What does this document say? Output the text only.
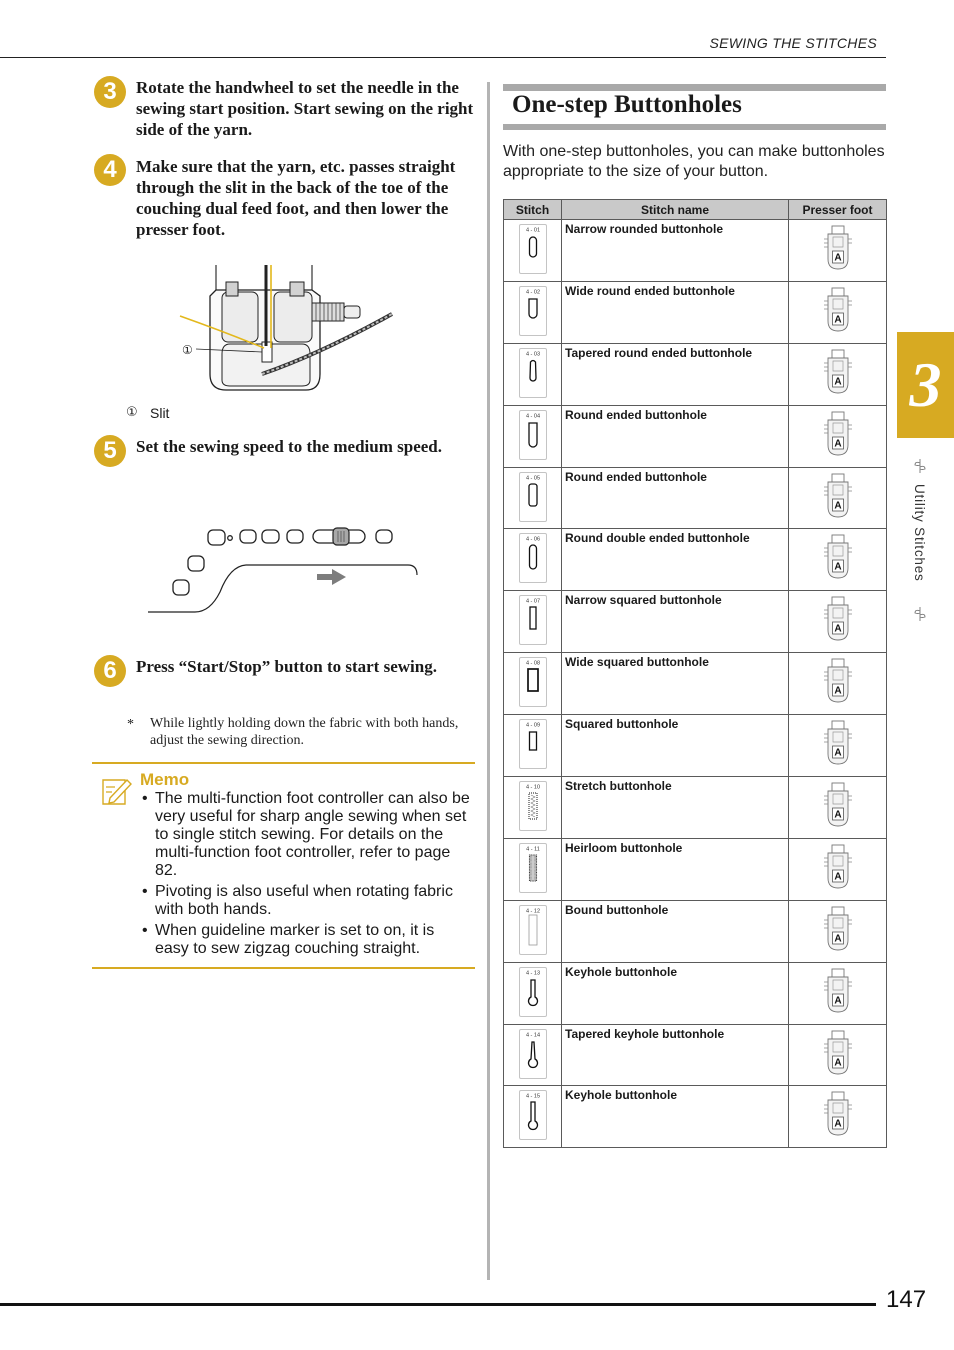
SEWING THE STITCHES
3	Rotate the handwheel to set the needle in the sewing start position. Start sewing on the right side of the yarn.
4	Make sure that the yarn, etc. passes straight through the slit in the back of the toe of the couching dual feed foot, and then lower the presser foot.
①
① Slit
5	Set the sewing speed to the medium speed.
6	Press “Start/Stop” button to start sewing.
* While lightly holding down the fabric with both hands, adjust the sewing direction.
Memo
• The multi-function foot controller can also be very useful for sharp angle sewing when set to single stitch sewing. For details on the multi-function foot controller, refer to page 82.
• Pivoting is also useful when rotating fabric with both hands.
• When guideline marker is set to on, it is easy to sew zigzag couching straight.
One-step Buttonholes
With one-step buttonholes, you can make buttonholes appropriate to the size of your button.
Stitch	Stitch name	Presser foot

4 - 01	Narrow rounded buttonhole	A

4 - 02	Wide round ended buttonhole	A

4 - 03	Tapered round ended buttonhole	A

4 - 04	Round ended buttonhole	A

4 - 05	Round ended buttonhole	A

4 - 06	Round double ended buttonhole	A

4 - 07	Narrow squared buttonhole	A

4 - 08	Wide squared buttonhole	A

4 - 09	Squared buttonhole	A

4 - 10	Stretch buttonhole	A

4 - 11	Heirloom buttonhole	A

4 - 12	Bound buttonhole	A

4 - 13	Keyhole buttonhole	A

4 - 14	Tapered keyhole buttonhole	A

4 - 15	Keyhole buttonhole	A
3
Utility Stitches
147
